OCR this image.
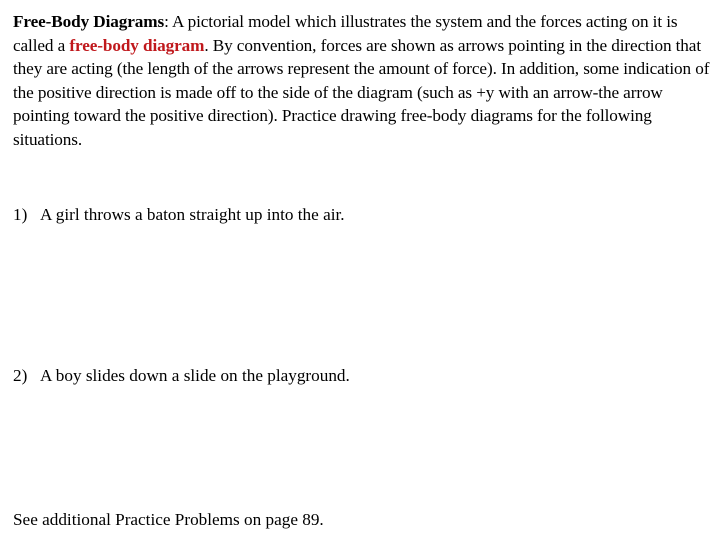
Free-Body Diagrams: A pictorial model which illustrates the system and the forces acting on it is called a free-body diagram. By convention, forces are shown as arrows pointing in the direction that they are acting (the length of the arrows represent the amount of force). In addition, some indication of the positive direction is made off to the side of the diagram (such as +y with an arrow-the arrow pointing toward the positive direction). Practice drawing free-body diagrams for the following situations.

1) A girl throws a baton straight up into the air.

2) A boy slides down a slide on the playground.

See additional Practice Problems on page 89.
